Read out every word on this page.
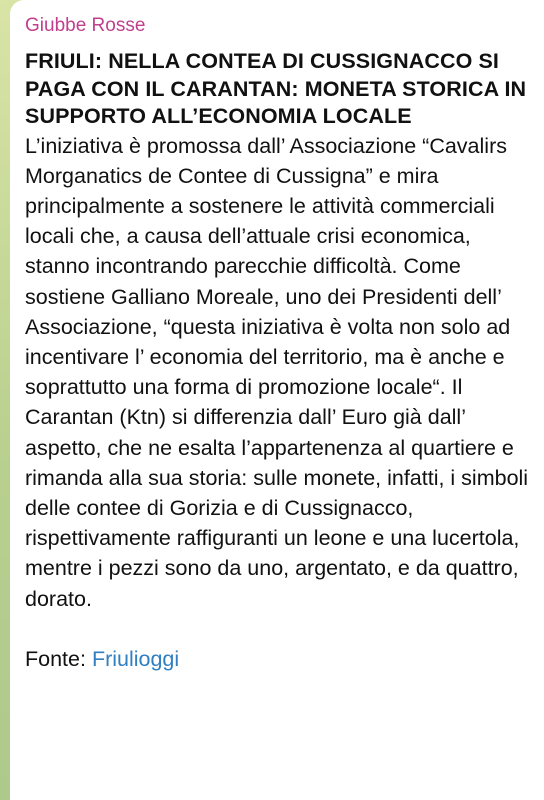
Giubbe Rosse
FRIULI: NELLA CONTEA DI CUSSIGNACCO SI PAGA CON IL CARANTAN: MONETA STORICA IN SUPPORTO ALL’ECONOMIA LOCALE
L’iniziativa è promossa dall’ Associazione “Cavalirs Morganatics de Contee di Cussigna” e mira principalmente a sostenere le attività commerciali locali che, a causa dell’attuale crisi economica, stanno incontrando parecchie difficoltà. Come sostiene Galliano Moreale, uno dei Presidenti dell’ Associazione, “questa iniziativa è volta non solo ad incentivare l’ economia del territorio, ma è anche e soprattutto una forma di promozione locale“. Il Carantan (Ktn) si differenzia dall’ Euro già dall’ aspetto, che ne esalta l’appartenenza al quartiere e rimanda alla sua storia: sulle monete, infatti, i simboli delle contee di Gorizia e di Cussignacco, rispettivamente raffiguranti un leone e una lucertola, mentre i pezzi sono da uno, argentato, e da quattro, dorato.
Fonte: Friulioggi
